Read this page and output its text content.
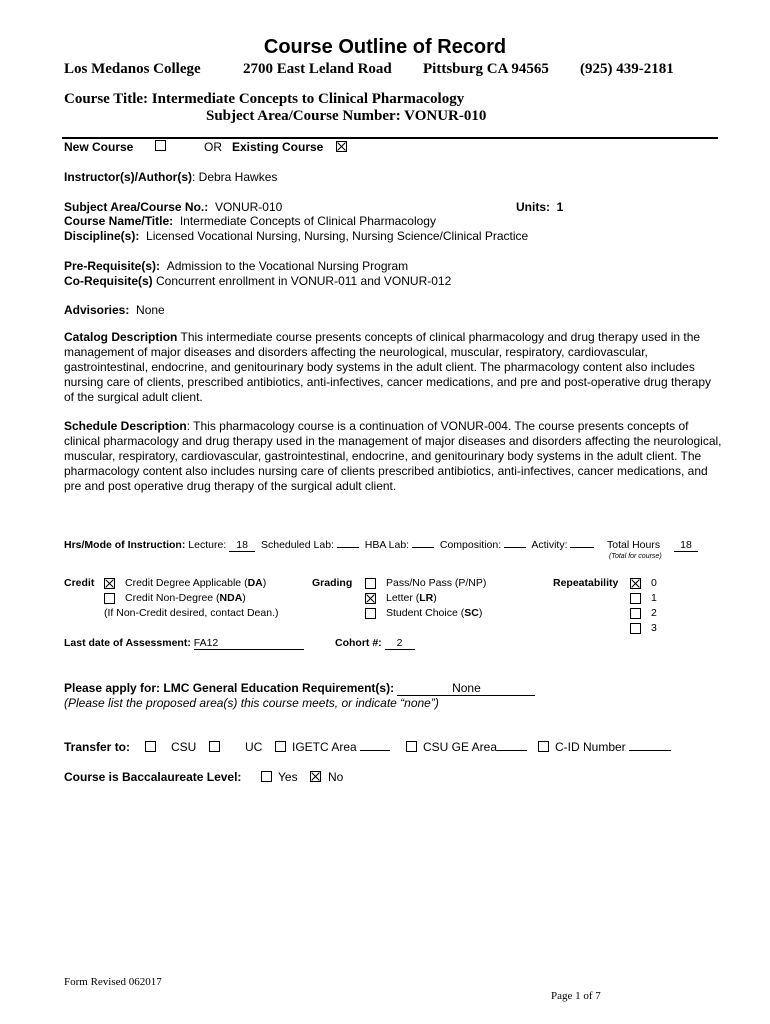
Course Outline of Record
Los Medanos College	2700 East Leland Road Pittsburg CA 94565 (925) 439-2181
Course Title: Intermediate Concepts to Clinical Pharmacology
Subject Area/Course Number: VONUR-010
New Course	OR Existing Course
Instructor(s)/Author(s): Debra Hawkes
Subject Area/Course No.: VONUR-010	Units: 1
Course Name/Title: Intermediate Concepts of Clinical Pharmacology
Discipline(s): Licensed Vocational Nursing, Nursing, Nursing Science/Clinical Practice
Pre-Requisite(s): Admission to the Vocational Nursing Program
Co-Requisite(s) Concurrent enrollment in VONUR-011 and VONUR-012
Advisories: None
Catalog Description This intermediate course presents concepts of clinical pharmacology and drug therapy used in the management of major diseases and disorders affecting the neurological, muscular, respiratory, cardiovascular, gastrointestinal, endocrine, and genitourinary body systems in the adult client. The pharmacology content also includes nursing care of clients, prescribed antibiotics, anti-infectives, cancer medications, and pre and post-operative drug therapy of the surgical adult client.
Schedule Description: This pharmacology course is a continuation of VONUR-004. The course presents concepts of clinical pharmacology and drug therapy used in the management of major diseases and disorders affecting the neurological, muscular, respiratory, cardiovascular, gastrointestinal, endocrine, and genitourinary body systems in the adult client. The pharmacology content also includes nursing care of clients prescribed antibiotics, anti-infectives, cancer medications, and pre and post operative drug therapy of the surgical adult client.
Hrs/Mode of Instruction: Lecture: 18 Scheduled Lab:	HBA Lab:	Composition:	Activity:	Total Hours
(Total for course)
18
Credit	Credit Degree Applicable (DA)
Credit Non-Degree (NDA)
(If Non-Credit desired, contact Dean.)
Grading	Pass/No Pass (P/NP)
Letter (LR)
Student Choice (SC)
Repeatability	0
1
2
3
Last date of Assessment: FA12	Cohort #: 2
Please apply for: LMC General Education Requirement(s):	None
(Please list the proposed area(s) this course meets, or indicate “none”)
Transfer to:	CSU	UC IGETC Area	CSU GE Area	C-ID Number
Course is Baccalaureate Level:	Yes	No
Form Revised 062017
Page 1 of 7
